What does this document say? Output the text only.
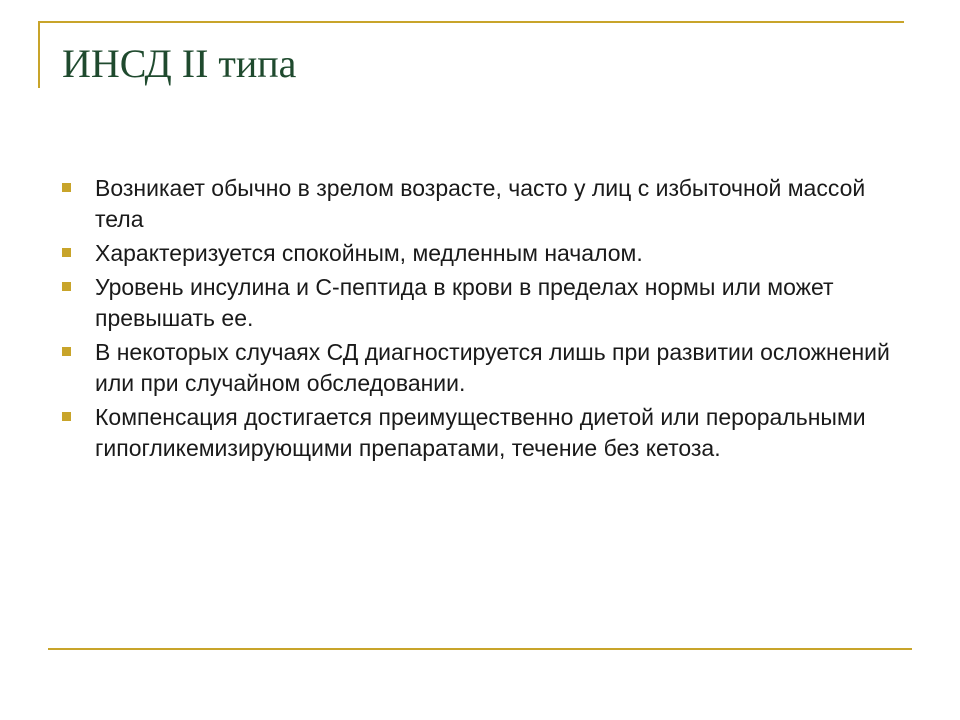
ИНСД II типа
Возникает обычно в зрелом возрасте, часто у лиц с избыточной массой тела
Характеризуется спокойным, медленным началом.
Уровень инсулина и С-пептида в крови в пределах нормы или может превышать ее.
В некоторых случаях СД диагностируется лишь при развитии осложнений или при случайном обследовании.
Компенсация достигается преимущественно диетой или пероральными гипогликемизирующими препаратами, течение без кетоза.
